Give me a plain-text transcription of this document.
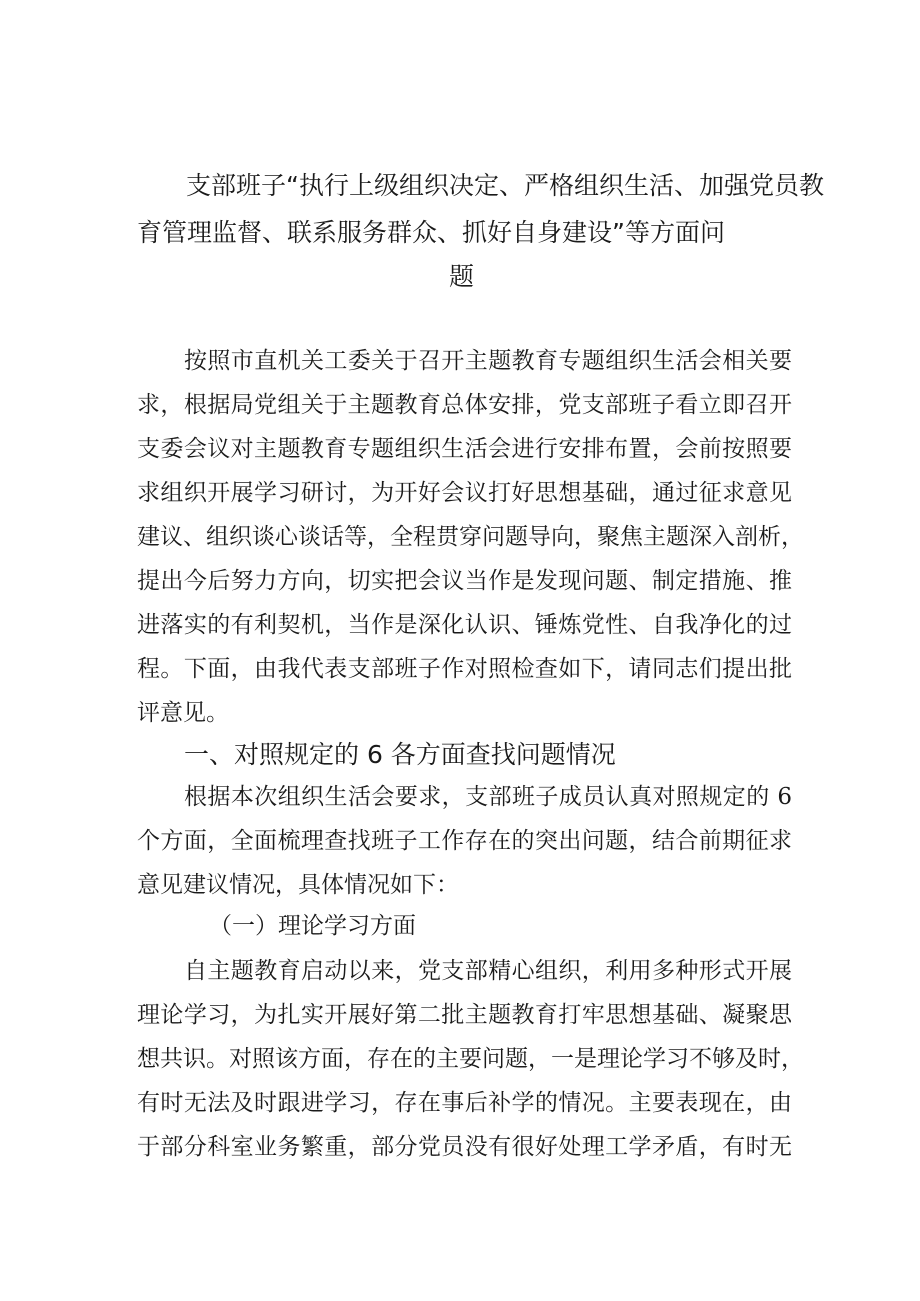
支部班子“执行上级组织决定、严格组织生活、加强党员教

育管理监督、联系服务群众、抓好自身建设”等方面问

题

按照市直机关工委关于召开主题教育专题组织生活会相关要

求，根据局党组关于主题教育总体安排，党支部班子看立即召开

支委会议对主题教育专题组织生活会进行安排布置，会前按照要

求组织开展学习研讨，为开好会议打好思想基础，通过征求意见

建议、组织谈心谈话等，全程贯穿问题导向，聚焦主题深入剖析，

提出今后努力方向，切实把会议当作是发现问题、制定措施、推

进落实的有利契机，当作是深化认识、锤炼党性、自我净化的过

程。下面，由我代表支部班子作对照检查如下，请同志们提出批

评意见。

一、对照规定的 6 各方面查找问题情况

根据本次组织生活会要求，支部班子成员认真对照规定的 6

个方面，全面梳理查找班子工作存在的突出问题，结合前期征求

意见建议情况，具体情况如下：

（一）理论学习方面

自主题教育启动以来，党支部精心组织，利用多种形式开展

理论学习，为扎实开展好第二批主题教育打牢思想基础、凝聚思

想共识。对照该方面，存在的主要问题，一是理论学习不够及时，

有时无法及时跟进学习，存在事后补学的情况。主要表现在，由

于部分科室业务繁重，部分党员没有很好处理工学矛盾，有时无
